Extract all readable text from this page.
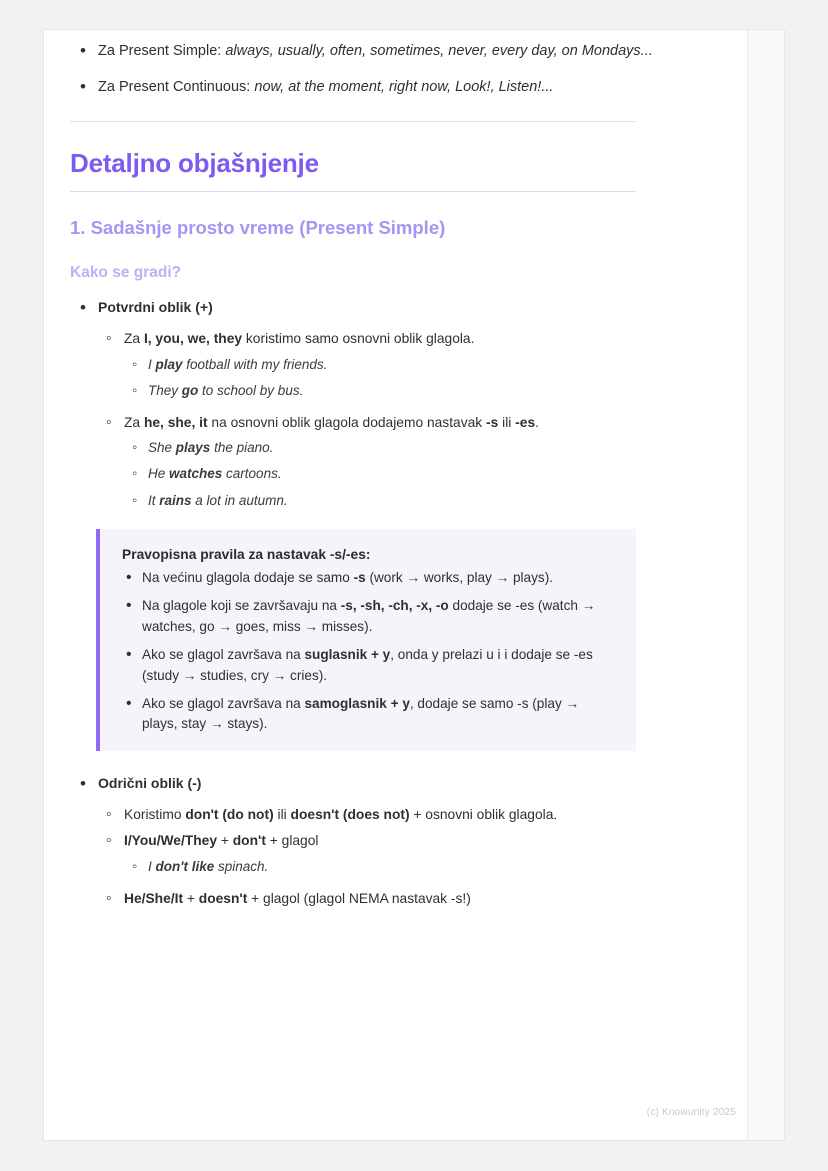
• Za Present Simple: always, usually, often, sometimes, never, every day, on Mondays...
• Za Present Continuous: now, at the moment, right now, Look!, Listen!...
Detaljno objašnjenje
1. Sadašnje prosto vreme (Present Simple)
Kako se gradi?
• Potvrdni oblik (+)
◦ Za I, you, we, they koristimo samo osnovni oblik glagola.
◦ I play football with my friends.
◦ They go to school by bus.
◦ Za he, she, it na osnovni oblik glagola dodajemo nastavak -s ili -es.
◦ She plays the piano.
◦ He watches cartoons.
◦ It rains a lot in autumn.
Pravopisna pravila za nastavak -s/-es:
• Na većinu glagola dodaje se samo -s (work → works, play → plays).
• Na glagole koji se završavaju na -s, -sh, -ch, -x, -o dodaje se -es (watch → watches, go → goes, miss → misses).
• Ako se glagol završava na suglasnik + y, onda y prelazi u i i dodaje se -es (study → studies, cry → cries).
• Ako se glagol završava na samoglasnik + y, dodaje se samo -s (play → plays, stay → stays).
• Odrični oblik (-)
◦ Koristimo don't (do not) ili doesn't (does not) + osnovni oblik glagola.
◦ I/You/We/They + don't + glagol
◦ I don't like spinach.
◦ He/She/It + doesn't + glagol (glagol NEMA nastavak -s!)
(c) Knowunity 2025
